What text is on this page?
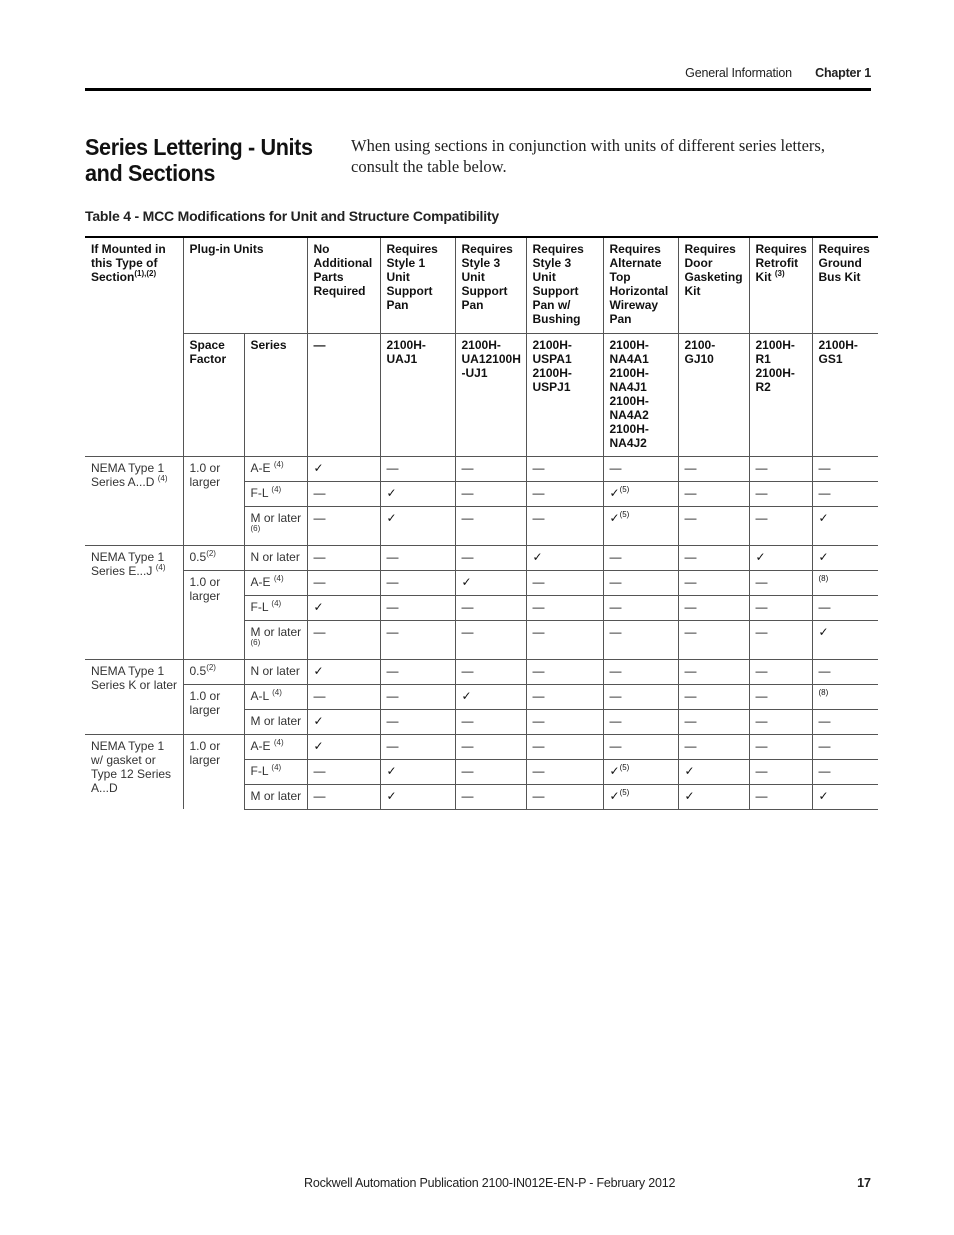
General Information Chapter 1
Series Lettering - Units and Sections
When using sections in conjunction with units of different series letters, consult the table below.
Table 4 - MCC Modifications for Unit and Structure Compatibility
If Mounted in this Type of Section$^{(1),(2)}$	Plug-in Units		No Additional Parts Required	Requires Style 1 Unit Support Pan	Requires Style 3 Unit Support Pan	Requires Style 3 Unit Support Pan w/ Bushing	Requires Alternate Top Horizontal Wireway Pan	Requires Door Gasketing Kit	Requires Retrofit Kit $^{(3)}$	Requires Ground Bus Kit
	Space Factor	Series	—	2100H-UAJ1	2100H-UA12100H -UJ1	2100H-USPA1 2100H-USPJ1	2100H-NA4A1 2100H-NA4J1 2100H-NA4A2 2100H-NA4J2	2100-GJ10	2100H-R1 2100H-R2	2100H-GS1
NEMA Type 1 Series A...D $^{(4)}$	1.0 or larger	A-E $^{(4)}$	✓	—	—	—	—	—	—	—
		F-L $^{(4)}$	—	✓	—	—	✓$^{(5)}$	—	—	—
		M or later $^{(6)}$	—	✓	—	—	✓$^{(5)}$	—	—	✓
NEMA Type 1 Series E...J $^{(4)}$	0.5$^{(2)}$	N or later	—	—	—	✓	—	—	✓	✓
	1.0 or larger	A-E $^{(4)}$	—	—	✓	—	—	—	—	$^{(8)}$
		F-L $^{(4)}$	✓	—	—	—	—	—	—	—
		M or later $^{(6)}$	—	—	—	—	—	—	—	✓
NEMA Type 1 Series K or later	0.5$^{(2)}$	N or later	✓	—	—	—	—	—	—	—
	1.0 or larger	A-L $^{(4)}$	—	—	✓	—	—	—	—	$^{(8)}$
		M or later	✓	—	—	—	—	—	—	—
NEMA Type 1 w/ gasket or Type 12 Series A...D	1.0 or larger	A-E $^{(4)}$	✓	—	—	—	—	—	—	—
		F-L $^{(4)}$	—	✓	—	—	✓$^{(5)}$	✓	—	—
		M or later	—	✓	—	—	✓$^{(5)}$	✓	—	✓
Rockwell Automation Publication 2100-IN012E-EN-P - February 2012	17
